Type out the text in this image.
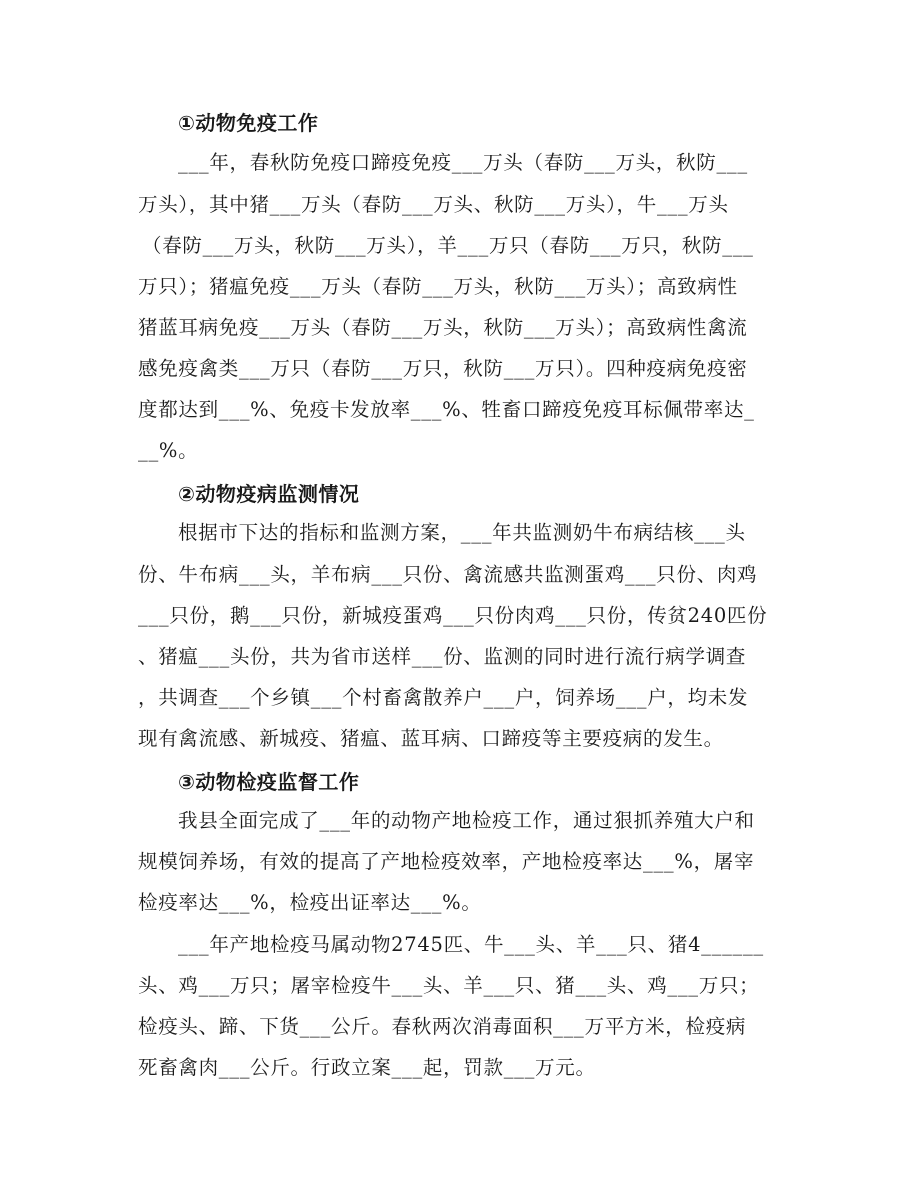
①动物免疫工作
___年，春秋防免疫口蹄疫免疫___万头（春防___万头，秋防___
万头），其中猪___万头（春防___万头、秋防___万头），牛___万头
（春防___万头，秋防___万头），羊___万只（春防___万只，秋防___
万只）；猪瘟免疫___万头（春防___万头，秋防___万头）；高致病性
猪蓝耳病免疫___万头（春防___万头，秋防___万头）；高致病性禽流
感免疫禽类___万只（春防___万只，秋防___万只）。四种疫病免疫密
度都达到___%、免疫卡发放率___%、牲畜口蹄疫免疫耳标佩带率达_
__%。
②动物疫病监测情况
根据市下达的指标和监测方案，___年共监测奶牛布病结核___头
份、牛布病___头，羊布病___只份、禽流感共监测蛋鸡___只份、肉鸡
___只份，鹅___只份，新城疫蛋鸡___只份肉鸡___只份，传贫240匹份
、猪瘟___头份，共为省市送样___份、监测的同时进行流行病学调查
，共调查___个乡镇___个村畜禽散养户___户，饲养场___户，均未发
现有禽流感、新城疫、猪瘟、蓝耳病、口蹄疫等主要疫病的发生。
③动物检疫监督工作
我县全面完成了___年的动物产地检疫工作，通过狠抓养殖大户和
规模饲养场，有效的提高了产地检疫效率，产地检疫率达___%，屠宰
检疫率达___%，检疫出证率达___%。
___年产地检疫马属动物2745匹、牛___头、羊___只、猪4______
头、鸡___万只；屠宰检疫牛___头、羊___只、猪___头、鸡___万只；
检疫头、蹄、下货___公斤。春秋两次消毒面积___万平方米，检疫病
死畜禽肉___公斤。行政立案___起，罚款___万元。
